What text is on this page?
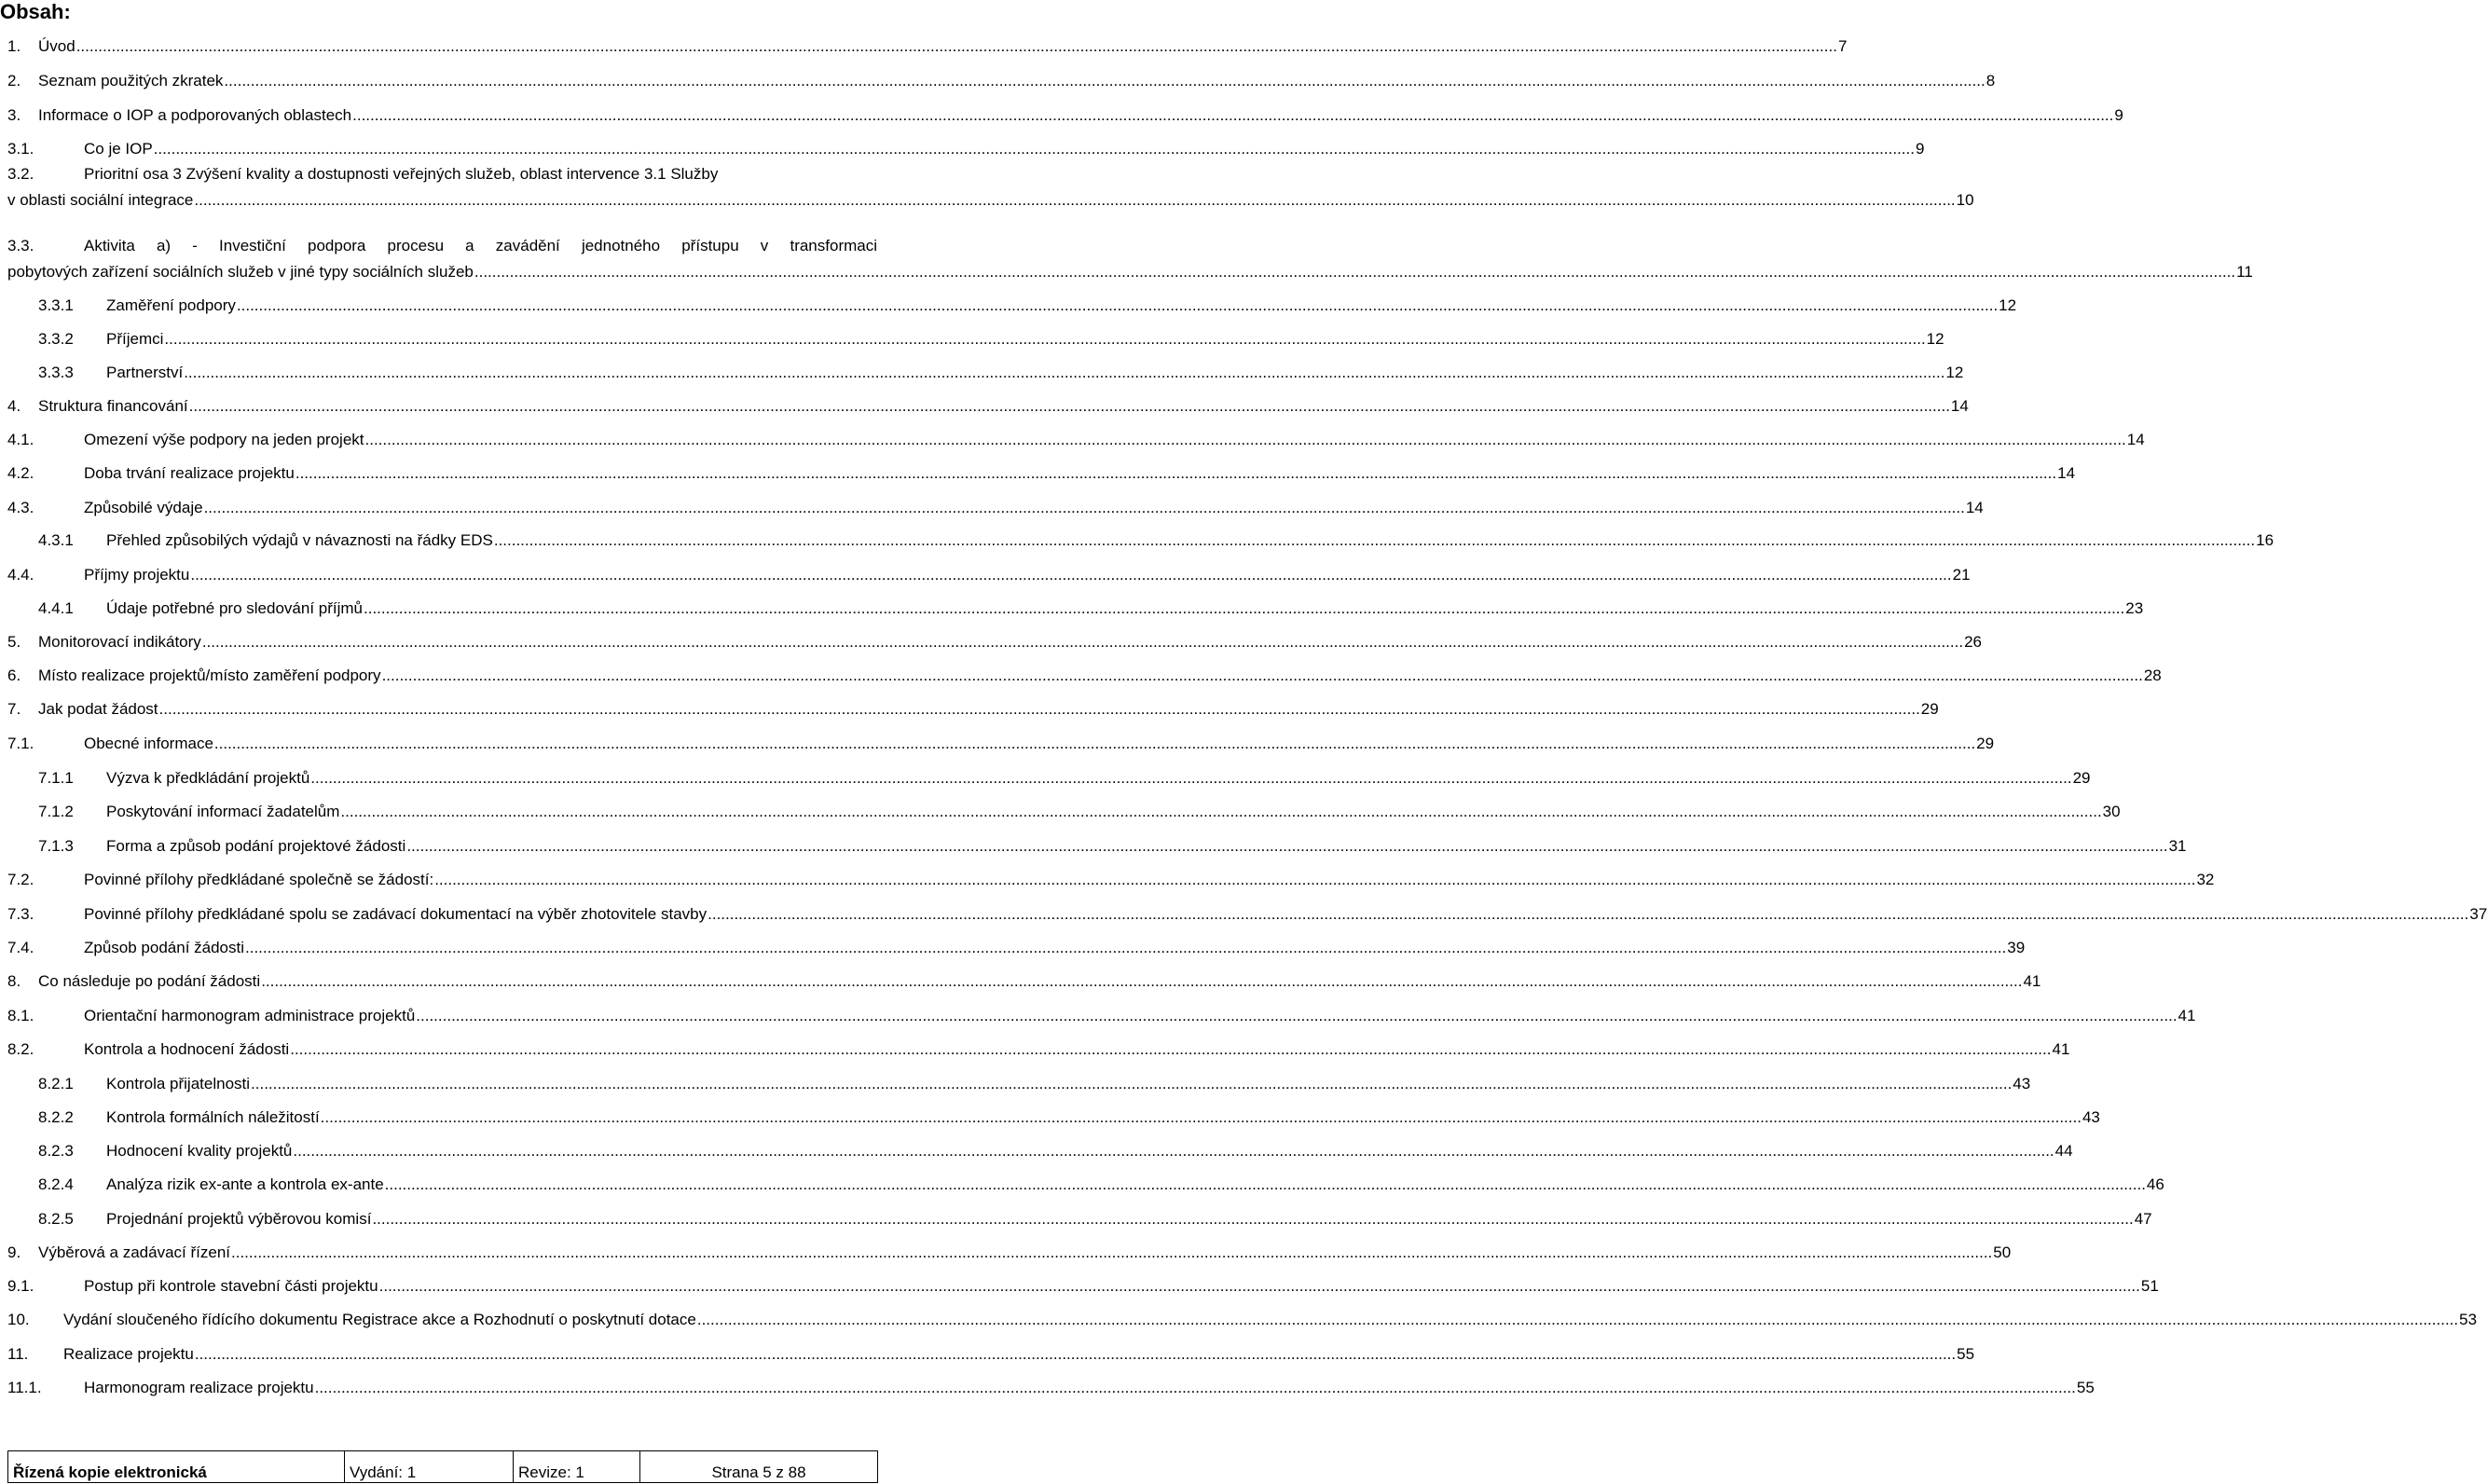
Obsah:
1.	Úvod ................................................................................................................................................................................................................................................................................................................................................................................................................ 7
2.	Seznam použitých zkratek ................................................................................................................................................................................................................................................................................................................................................................................................................ 8
3.	Informace o IOP a podporovaných oblastech ................................................................................................................................................................................................................................................................................................................................................................................................................ 9
3.1.	Co je IOP ................................................................................................................................................................................................................................................................................................................................................................................................................ 9
3.2.	Prioritní osa 3 Zvýšení kvality a dostupnosti veřejných služeb, oblast intervence 3.1 Služby
v oblasti sociální integrace ................................................................................................................................................................................................................................................................................................................................................................................................................ 10
3.3.	Aktivita a) - Investiční podpora procesu a zavádění jednotného přístupu v transformaci
pobytových zařízení sociálních služeb v jiné typy sociálních služeb ................................................................................................................................................................................................................................................................................................................................................................................................................ 11
3.3.1	Zaměření podpory ................................................................................................................................................................................................................................................................................................................................................................................................................ 12
3.3.2	Příjemci ................................................................................................................................................................................................................................................................................................................................................................................................................ 12
3.3.3	Partnerství ................................................................................................................................................................................................................................................................................................................................................................................................................ 12
4.	Struktura financování ................................................................................................................................................................................................................................................................................................................................................................................................................ 14
4.1.	Omezení výše podpory na jeden projekt ................................................................................................................................................................................................................................................................................................................................................................................................................ 14
4.2.	Doba trvání realizace projektu ................................................................................................................................................................................................................................................................................................................................................................................................................ 14
4.3.	Způsobilé výdaje ................................................................................................................................................................................................................................................................................................................................................................................................................ 14
4.3.1	Přehled způsobilých výdajů v návaznosti na řádky EDS ................................................................................................................................................................................................................................................................................................................................................................................................................ 16
4.4.	Příjmy projektu ................................................................................................................................................................................................................................................................................................................................................................................................................ 21
4.4.1	Údaje potřebné pro sledování příjmů ................................................................................................................................................................................................................................................................................................................................................................................................................ 23
5.	Monitorovací indikátory ................................................................................................................................................................................................................................................................................................................................................................................................................ 26
6.	Místo realizace projektů/místo zaměření podpory ................................................................................................................................................................................................................................................................................................................................................................................................................ 28
7.	Jak podat žádost ................................................................................................................................................................................................................................................................................................................................................................................................................ 29
7.1.	Obecné informace ................................................................................................................................................................................................................................................................................................................................................................................................................ 29
7.1.1	Výzva k předkládání projektů ................................................................................................................................................................................................................................................................................................................................................................................................................ 29
7.1.2	Poskytování informací žadatelům ................................................................................................................................................................................................................................................................................................................................................................................................................ 30
7.1.3	Forma a způsob podání projektové žádosti ................................................................................................................................................................................................................................................................................................................................................................................................................ 31
7.2.	Povinné přílohy předkládané společně se žádostí: ................................................................................................................................................................................................................................................................................................................................................................................................................ 32
7.3.	Povinné přílohy předkládané spolu se zadávací dokumentací na výběr zhotovitele stavby ................................................................................................................................................................................................................................................................................................................................................................................................................ 37
7.4.	Způsob podání žádosti ................................................................................................................................................................................................................................................................................................................................................................................................................ 39
8.	Co následuje po podání žádosti ................................................................................................................................................................................................................................................................................................................................................................................................................ 41
8.1.	Orientační harmonogram administrace projektů ................................................................................................................................................................................................................................................................................................................................................................................................................ 41
8.2.	Kontrola a hodnocení žádosti ................................................................................................................................................................................................................................................................................................................................................................................................................ 41
8.2.1	Kontrola přijatelnosti ................................................................................................................................................................................................................................................................................................................................................................................................................ 43
8.2.2	Kontrola formálních náležitostí ................................................................................................................................................................................................................................................................................................................................................................................................................ 43
8.2.3	Hodnocení kvality projektů ................................................................................................................................................................................................................................................................................................................................................................................................................ 44
8.2.4	Analýza rizik ex-ante a kontrola ex-ante ................................................................................................................................................................................................................................................................................................................................................................................................................ 46
8.2.5	Projednání projektů výběrovou komisí ................................................................................................................................................................................................................................................................................................................................................................................................................ 47
9.	Výběrová a zadávací řízení ................................................................................................................................................................................................................................................................................................................................................................................................................ 50
9.1.	Postup při kontrole stavební části projektu ................................................................................................................................................................................................................................................................................................................................................................................................................ 51
10.	Vydání sloučeného řídícího dokumentu Registrace akce a Rozhodnutí o poskytnutí dotace ................................................................................................................................................................................................................................................................................................................................................................................................................ 53
11.	Realizace projektu ................................................................................................................................................................................................................................................................................................................................................................................................................ 55
11.1.	Harmonogram realizace projektu ................................................................................................................................................................................................................................................................................................................................................................................................................ 55
Řízená kopie elektronická	Vydání: 1	Revize: 1	Strana 5 z 88
